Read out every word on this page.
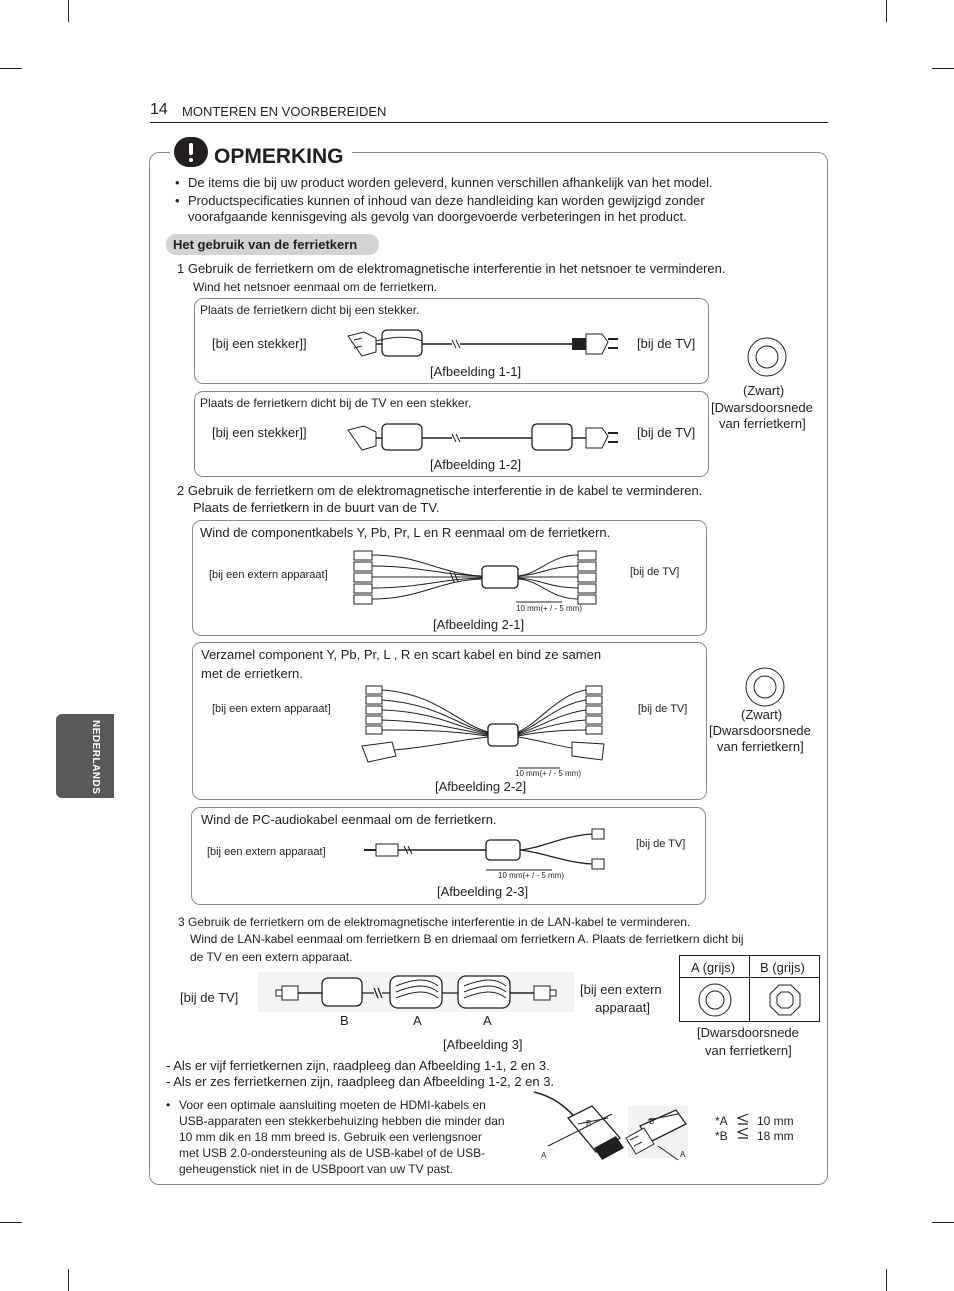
14 MONTEREN EN VOORBEREIDEN
NEDERLANDS
OPMERKING
• De items die bij uw product worden geleverd, kunnen verschillen afhankelijk van het model.
• Productspecificaties kunnen of inhoud van deze handleiding kan worden gewijzigd zonder voorafgaande kennisgeving als gevolg van doorgevoerde verbeteringen in het product.
Het gebruik van de ferrietkern
1 Gebruik de ferrietkern om de elektromagnetische interferentie in het netsnoer te verminderen.
Wind het netsnoer eenmaal om de ferrietkern.
Plaats de ferrietkern dicht bij een stekker.
[bij een stekker]]	[bij de TV]
[Afbeelding 1-1]
Plaats de ferrietkern dicht bij de TV en een stekker.
[bij een stekker]]	[bij de TV]
[Afbeelding 1-2]
(Zwart)
[Dwarsdoorsnede
van ferrietkern]
2 Gebruik de ferrietkern om de elektromagnetische interferentie in de kabel te verminderen.
Plaats de ferrietkern in de buurt van de TV.
Wind de componentkabels Y, Pb, Pr, L en R eenmaal om de ferrietkern.
[bij een extern apparaat]	[bij de TV]
10 mm(+ / - 5 mm)
[Afbeelding 2-1]
Verzamel component Y, Pb, Pr, L , R en scart kabel en bind ze samen
met de errietkern.
[bij een extern apparaat]	[bij de TV]
10 mm(+ / - 5 mm)
[Afbeelding 2-2]
Wind de PC-audiokabel eenmaal om de ferrietkern.
[bij een extern apparaat]
[bij de TV]
10 mm(+ / - 5 mm)
[Afbeelding 2-3]
(Zwart)
[Dwarsdoorsnede
van ferrietkern]
3 Gebruik de ferrietkern om de elektromagnetische interferentie in de LAN-kabel te verminderen.
Wind de LAN-kabel eenmaal om ferrietkern B en driemaal om ferrietkern A. Plaats de ferrietkern dicht bij
de TV en een extern apparaat.
[bij de TV]
[bij een extern
apparaat]
B	A	A
[Afbeelding 3]
A (grijs) B (grijs)
[Dwarsdoorsnede
van ferrietkern]
- Als er vijf ferrietkernen zijn, raadpleeg dan Afbeelding 1-1, 2 en 3.
- Als er zes ferrietkernen zijn, raadpleeg dan Afbeelding 1-2, 2 en 3.
• Voor een optimale aansluiting moeten de HDMI-kabels en
USB-apparaten een stekkerbehuizing hebben die minder dan
10 mm dik en 18 mm breed is. Gebruik een verlengsnoer
met USB 2.0-ondersteuning als de USB-kabel of de USB-
geheugenstick niet in de USBpoort van uw TV past.
B
A
B
A
*A
*B
10 mm
18 mm
